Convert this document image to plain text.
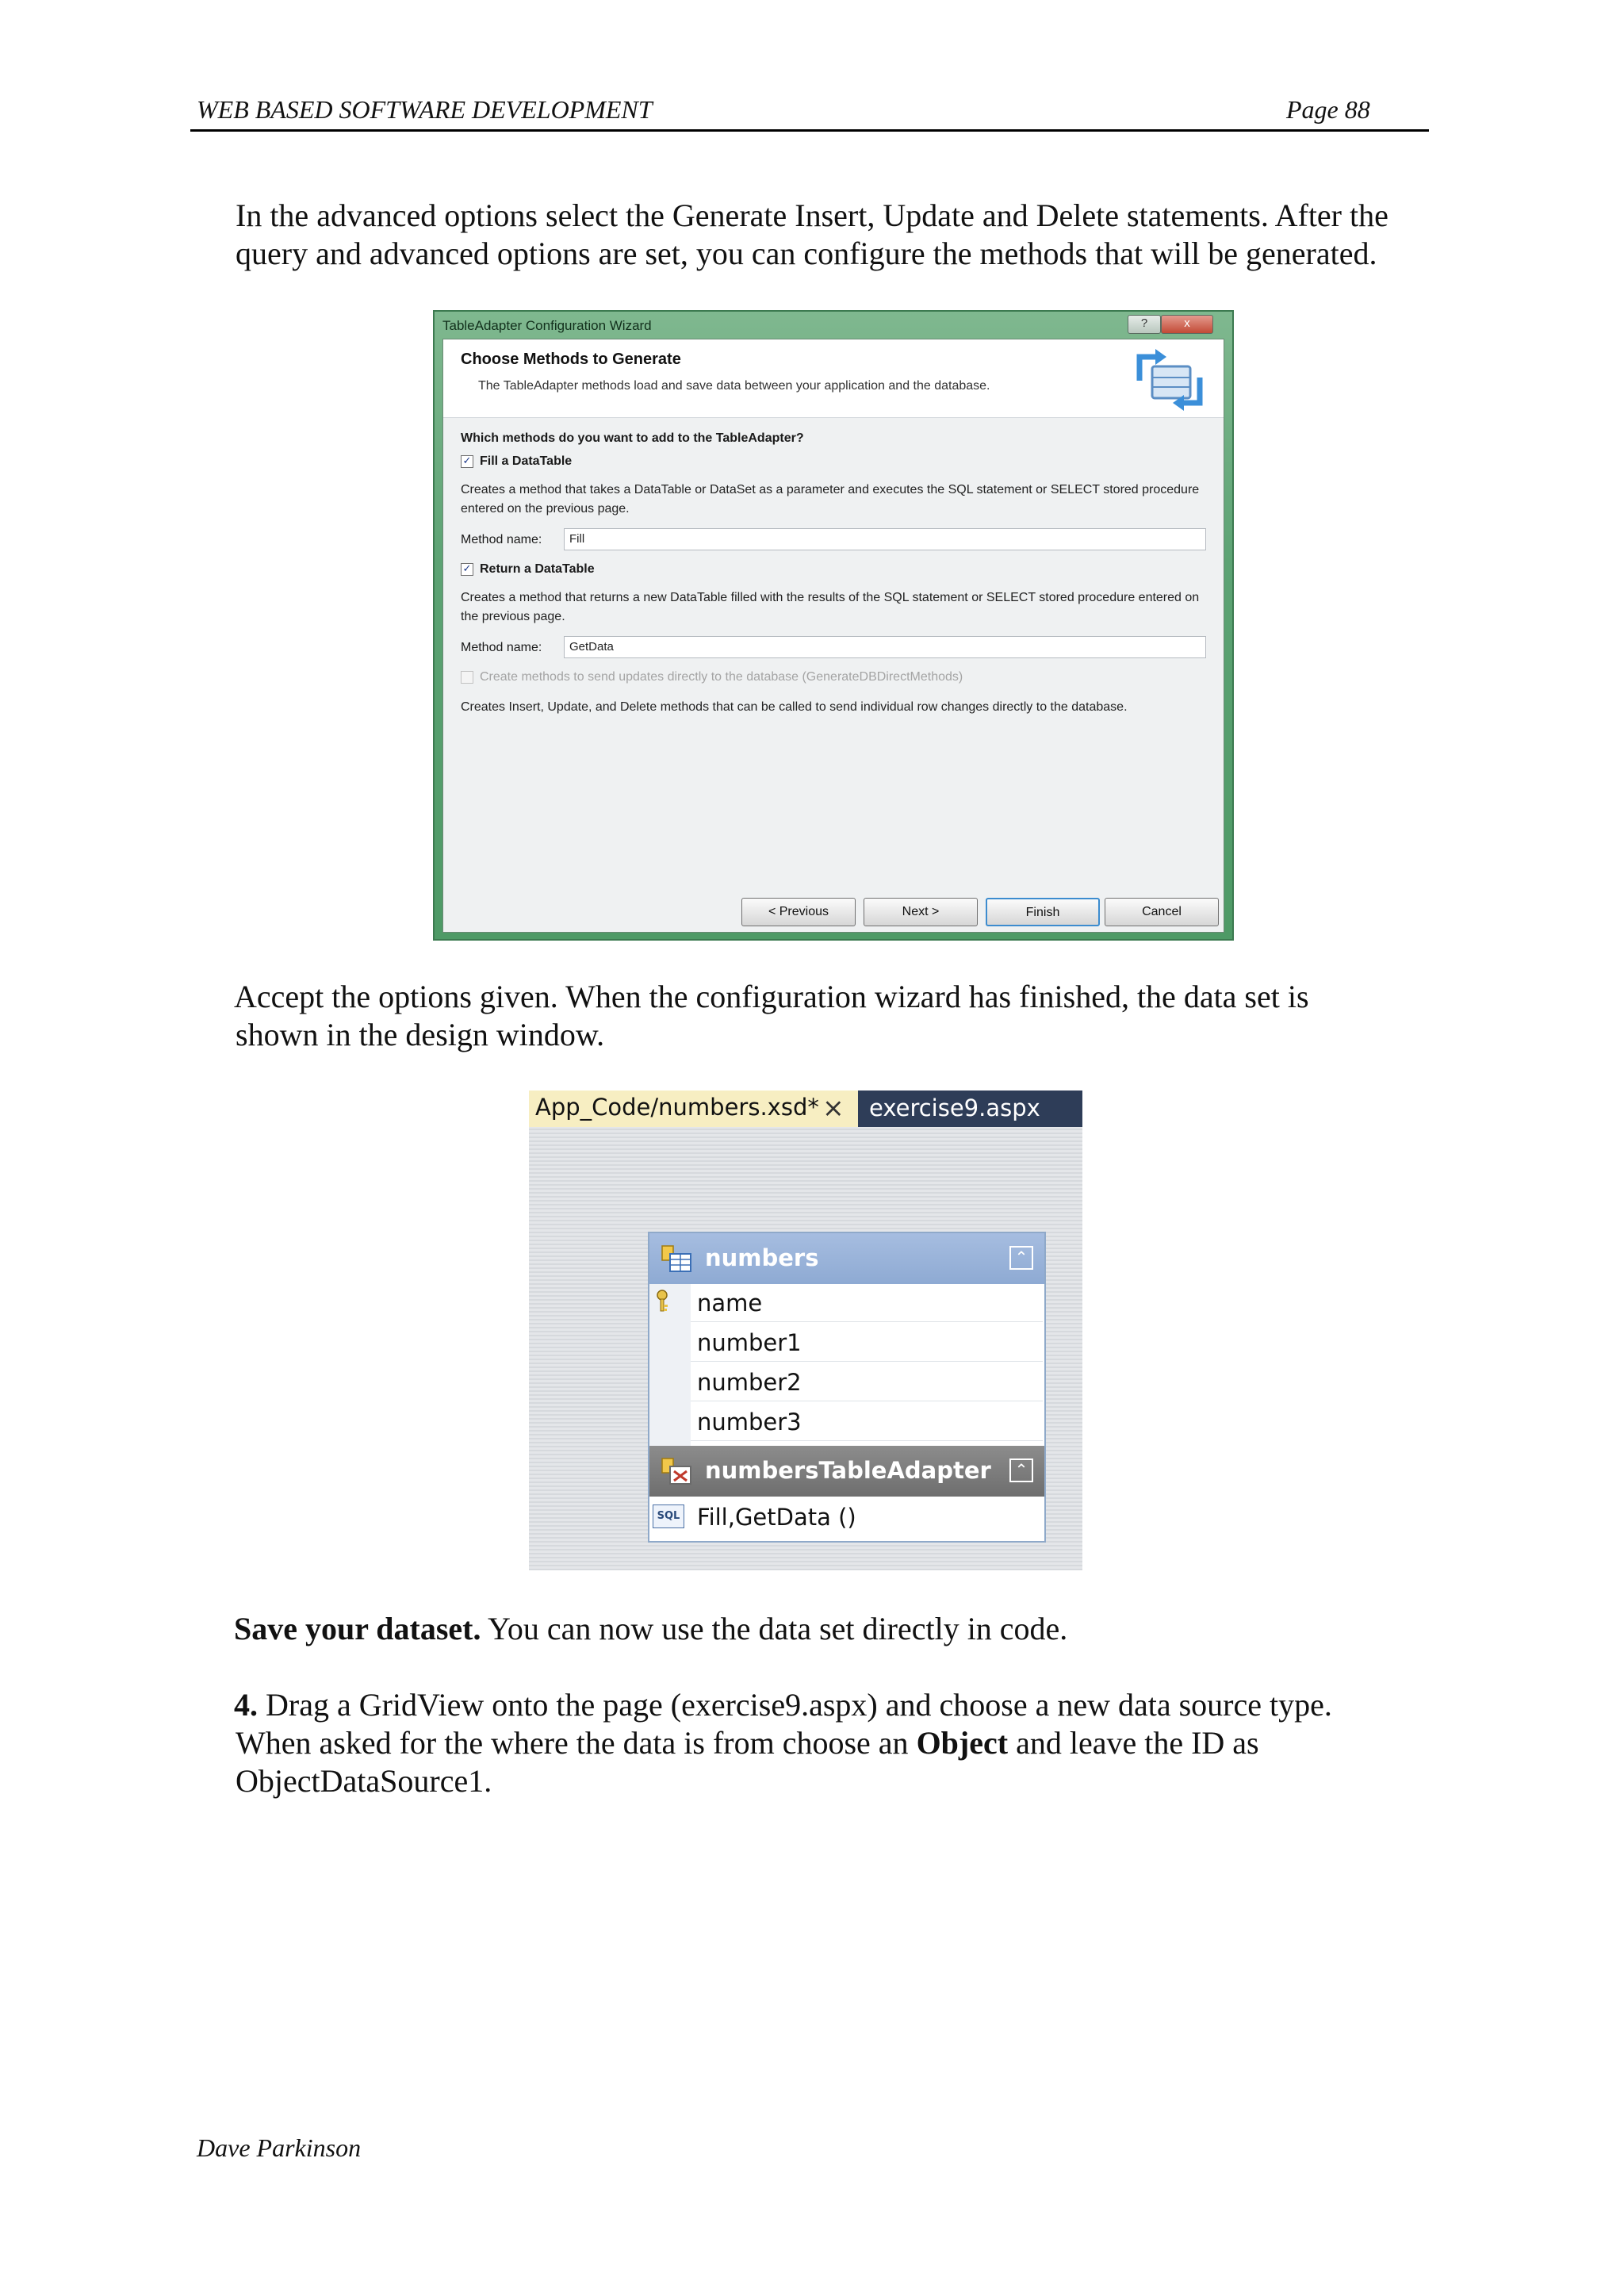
WEB BASED SOFTWARE DEVELOPMENT	Page 88

In the advanced options select the Generate Insert, Update and Delete statements. After the

query and advanced options are set, you can configure the methods that will be generated.

TableAdapter Configuration Wizard	?	x
Choose Methods to Generate
The TableAdapter methods load and save data between your application and the database.
Which methods do you want to add to the TableAdapter?
✓ Fill a DataTable
Creates a method that takes a DataTable or DataSet as a parameter and executes the SQL statement or SELECT stored procedure entered on the previous page.
Method name:	Fill
✓ Return a DataTable
Creates a method that returns a new DataTable filled with the results of the SQL statement or SELECT stored procedure entered on the previous page.
Method name:	GetData
Create methods to send updates directly to the database (GenerateDBDirectMethods)
Creates Insert, Update, and Delete methods that can be called to send individual row changes directly to the database.
< Previous	Next >	Finish	Cancel

Accept the options given. When the configuration wizard has finished, the data set is

shown in the design window.

App_Code/numbers.xsd* ×	exercise9.aspx
numbers	⌃
name
number1
number2
number3
numbersTableAdapter	⌃
SQL Fill,GetData ()

Save your dataset. You can now use the data set directly in code.

4. Drag a GridView onto the page (exercise9.aspx) and choose a new data source type.

When asked for the where the data is from choose an Object and leave the ID as

ObjectDataSource1.

Dave Parkinson
